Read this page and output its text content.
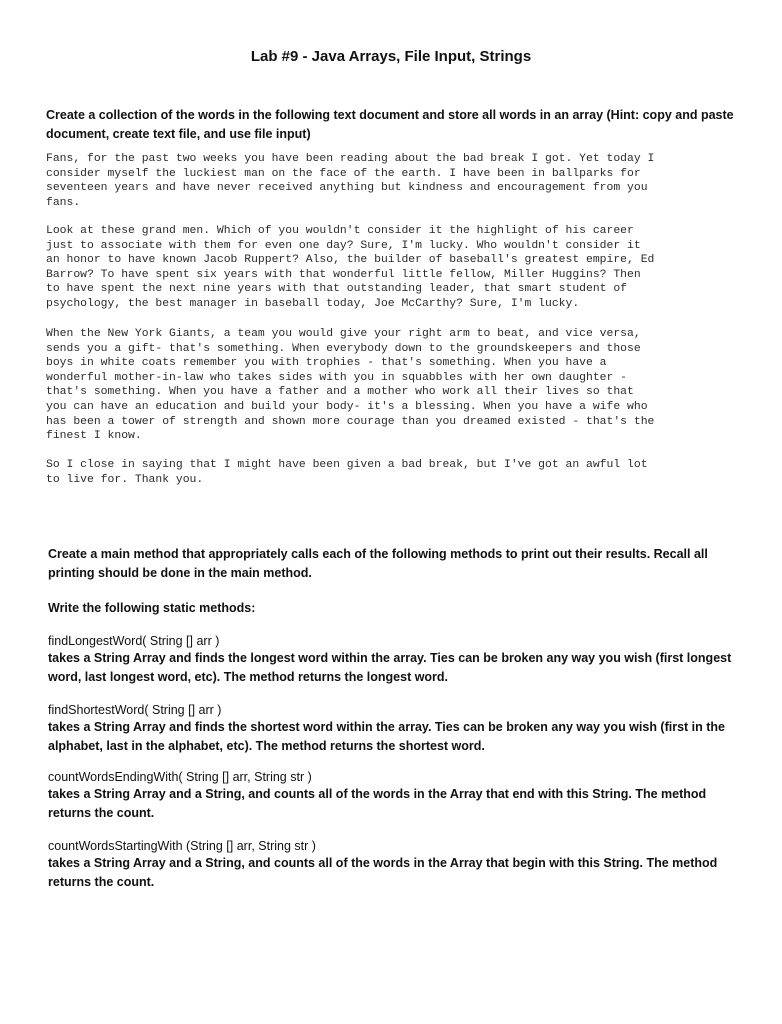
Lab #9 - Java Arrays, File Input, Strings
Create a collection of the words in the following text document and store all words in an array (Hint: copy and paste document, create text file, and use file input)
Fans, for the past two weeks you have been reading about the bad break I got. Yet today I
consider myself the luckiest man on the face of the earth. I have been in ballparks for
seventeen years and have never received anything but kindness and encouragement from you
fans.
Look at these grand men. Which of you wouldn't consider it the highlight of his career
just to associate with them for even one day? Sure, I'm lucky. Who wouldn't consider it
an honor to have known Jacob Ruppert? Also, the builder of baseball's greatest empire, Ed
Barrow? To have spent six years with that wonderful little fellow, Miller Huggins? Then
to have spent the next nine years with that outstanding leader, that smart student of
psychology, the best manager in baseball today, Joe McCarthy? Sure, I'm lucky.
When the New York Giants, a team you would give your right arm to beat, and vice versa,
sends you a gift- that's something. When everybody down to the groundskeepers and those
boys in white coats remember you with trophies - that's something. When you have a
wonderful mother-in-law who takes sides with you in squabbles with her own daughter -
that's something. When you have a father and a mother who work all their lives so that
you can have an education and build your body- it's a blessing. When you have a wife who
has been a tower of strength and shown more courage than you dreamed existed - that's the
finest I know.
So I close in saying that I might have been given a bad break, but I've got an awful lot
to live for. Thank you.
Create a main method that appropriately calls each of the following methods to print out their results. Recall all printing should be done in the main method.
Write the following static methods:
findLongestWord( String [] arr )
takes a String Array and finds the longest word within the array. Ties can be broken any way you wish (first longest word, last longest word, etc). The method returns the longest word.
findShortestWord( String [] arr )
takes a String Array and finds the shortest word within the array. Ties can be broken any way you wish (first in the alphabet, last in the alphabet, etc). The method returns the shortest word.
countWordsEndingWith( String [] arr, String str )
takes a String Array and a String, and counts all of the words in the Array that end with this String. The method returns the count.
countWordsStartingWith (String [] arr, String str )
takes a String Array and a String, and counts all of the words in the Array that begin with this String. The method returns the count.
